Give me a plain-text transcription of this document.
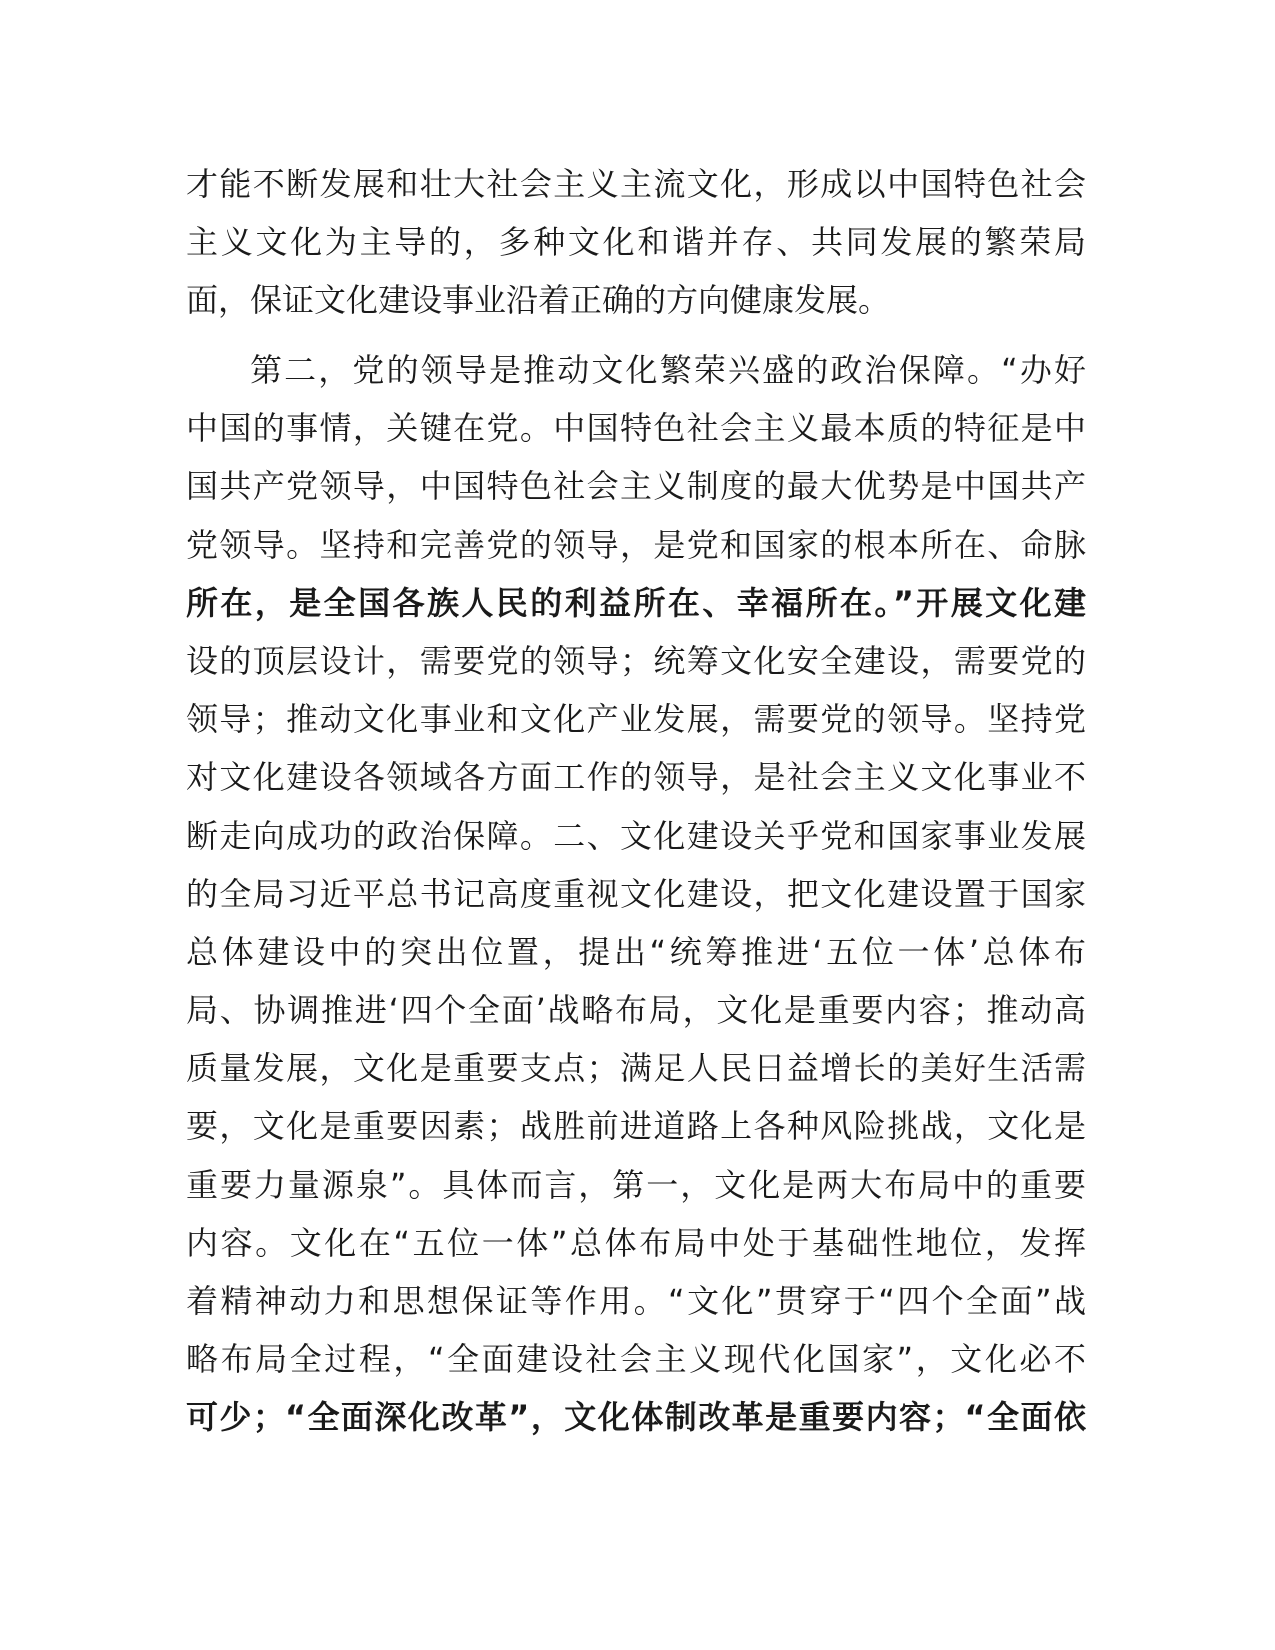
才能不断发展和壮大社会主义主流文化，形成以中国特色社会
主义文化为主导的，多种文化和谐并存、共同发展的繁荣局
面，保证文化建设事业沿着正确的方向健康发展。
第二，党的领导是推动文化繁荣兴盛的政治保障。“办好
中国的事情，关键在党。中国特色社会主义最本质的特征是中
国共产党领导，中国特色社会主义制度的最大优势是中国共产
党领导。坚持和完善党的领导，是党和国家的根本所在、命脉
所在，是全国各族人民的利益所在、幸福所在。”开展文化建
设的顶层设计，需要党的领导；统筹文化安全建设，需要党的
领导；推动文化事业和文化产业发展，需要党的领导。坚持党
对文化建设各领域各方面工作的领导，是社会主义文化事业不
断走向成功的政治保障。二、文化建设关乎党和国家事业发展
的全局习近平总书记高度重视文化建设，把文化建设置于国家
总体建设中的突出位置，提出“统筹推进‘五位一体’总体布
局、协调推进‘四个全面’战略布局，文化是重要内容；推动高
质量发展，文化是重要支点；满足人民日益增长的美好生活需
要，文化是重要因素；战胜前进道路上各种风险挑战，文化是
重要力量源泉”。具体而言，第一，文化是两大布局中的重要
内容。文化在“五位一体”总体布局中处于基础性地位，发挥
着精神动力和思想保证等作用。“文化”贯穿于“四个全面”战
略布局全过程，“全面建设社会主义现代化国家”，文化必不
可少；“全面深化改革”，文化体制改革是重要内容；“全面依
